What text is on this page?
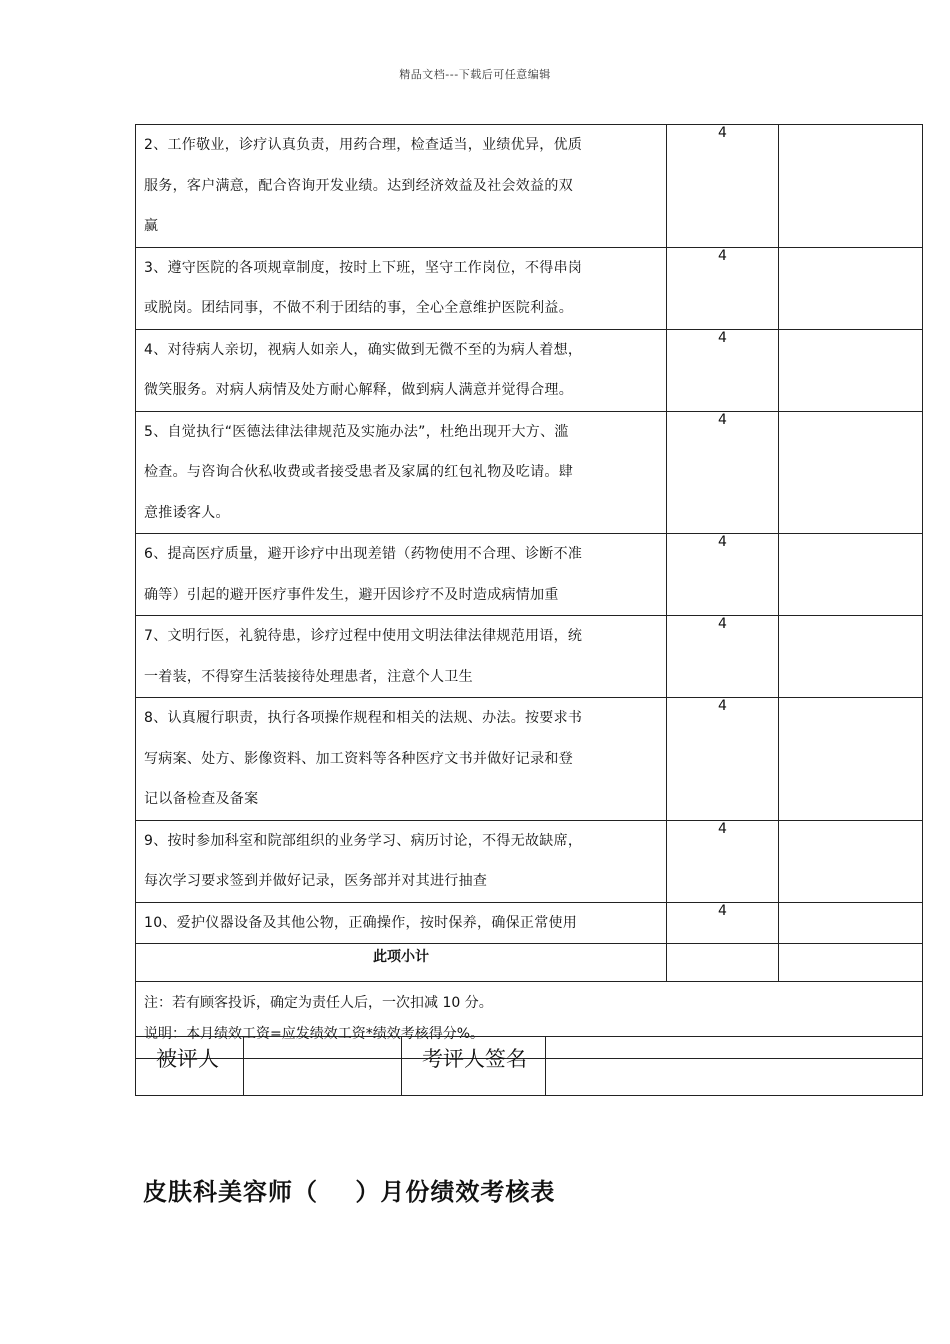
精品文档---下载后可任意编辑
2、工作敬业，诊疗认真负责，用药合理，检查适当，业绩优异，优质
服务，客户满意，配合咨询开发业绩。达到经济效益及社会效益的双
赢	4	

3、遵守医院的各项规章制度，按时上下班，坚守工作岗位，不得串岗
或脱岗。团结同事，不做不利于团结的事，全心全意维护医院利益。	4	

4、对待病人亲切，视病人如亲人，确实做到无微不至的为病人着想，
微笑服务。对病人病情及处方耐心解释，做到病人满意并觉得合理。	4	

5、自觉执行“医德法律法律规范及实施办法”，杜绝出现开大方、滥
检查。与咨询合伙私收费或者接受患者及家属的红包礼物及吃请。肆
意推诿客人。	4	

6、提高医疗质量，避开诊疗中出现差错（药物使用不合理、诊断不准
确等）引起的避开医疗事件发生，避开因诊疗不及时造成病情加重	4	

7、文明行医，礼貌待患，诊疗过程中使用文明法律法律规范用语，统
一着装，不得穿生活装接待处理患者，注意个人卫生	4	

8、认真履行职责，执行各项操作规程和相关的法规、办法。按要求书
写病案、处方、影像资料、加工资料等各种医疗文书并做好记录和登
记以备检查及备案	4	

9、按时参加科室和院部组织的业务学习、病历讨论，不得无故缺席，
每次学习要求签到并做好记录，医务部并对其进行抽查	4	

10、爱护仪器设备及其他公物，正确操作，按时保养，确保正常使用	4	
此项小计		

注：若有顾客投诉，确定为责任人后，一次扣减 10 分。
说明：本月绩效工资=应发绩效工资*绩效考核得分%。		
被评人		考评人签名	
皮肤科美容师（    ）月份绩效考核表
